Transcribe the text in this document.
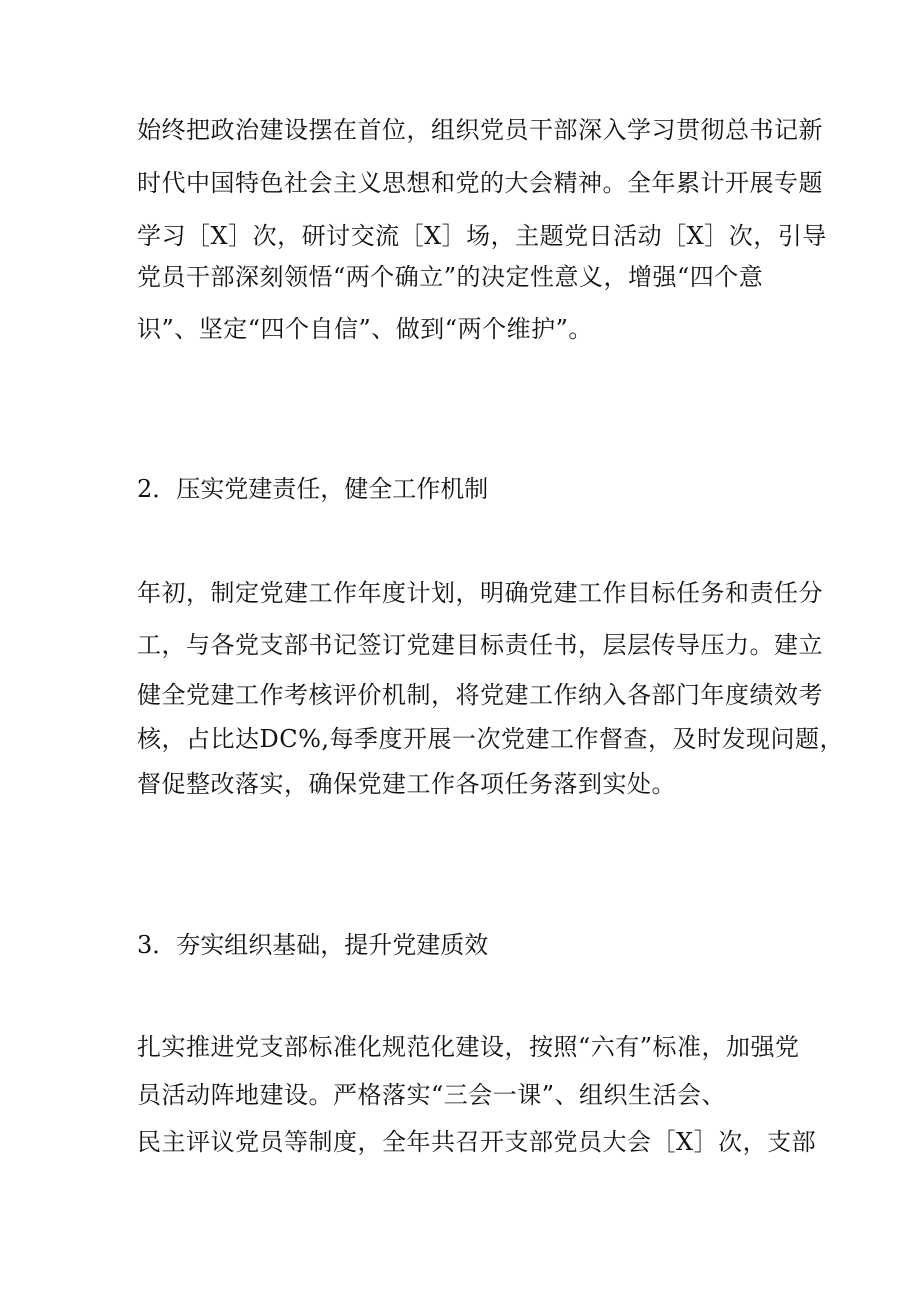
始终把政治建设摆在首位，组织党员干部深入学习贯彻总书记新
时代中国特色社会主义思想和党的大会精神。全年累计开展专题
学习［X］次，研讨交流［X］场，主题党日活动［X］次，引导
党员干部深刻领悟“两个确立”的决定性意义，增强“四个意
识”、坚定“四个自信”、做到“两个维护”。
2．压实党建责任，健全工作机制
年初，制定党建工作年度计划，明确党建工作目标任务和责任分
工，与各党支部书记签订党建目标责任书，层层传导压力。建立
健全党建工作考核评价机制，将党建工作纳入各部门年度绩效考
核，占比达DC%,每季度开展一次党建工作督查，及时发现问题，
督促整改落实，确保党建工作各项任务落到实处。
3．夯实组织基础，提升党建质效
扎实推进党支部标准化规范化建设，按照“六有”标准，加强党
员活动阵地建设。严格落实“三会一课”、组织生活会、
民主评议党员等制度，全年共召开支部党员大会［X］次，支部
